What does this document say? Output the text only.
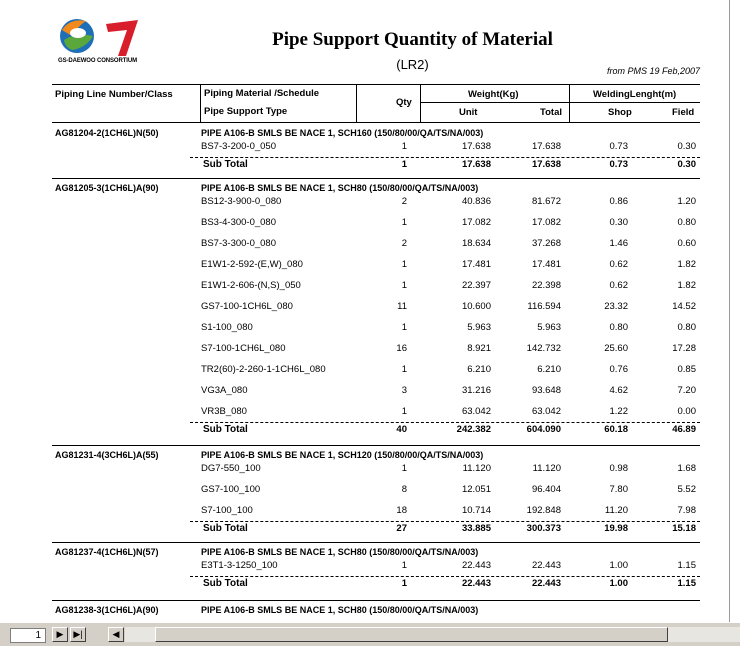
GS-DAEWOO CONSORTIUM
Pipe Support Quantity of Material
(LR2)	from PMS 19 Feb,2007
Piping Line Number/Class	Piping Material /Schedule
Pipe Support Type
Qty
Weight(Kg)
Unit	Total
WeldingLenght(m)
Shop	Field
AG81204-2(1CH6L)N(50)	PIPE A106-B SMLS BE NACE 1, SCH160 (150/80/00/QA/TS/NA/003)
BS7-3-200-0_050	1	17.638	17.638	0.73	0.30
Sub Total	1	17.638	17.638	0.73	0.30
AG81205-3(1CH6L)A(90)	PIPE A106-B SMLS BE NACE 1, SCH80 (150/80/00/QA/TS/NA/003)
BS12-3-900-0_080	2	40.836	81.672	0.86	1.20
BS3-4-300-0_080	1	17.082	17.082	0.30	0.80
BS7-3-300-0_080	2	18.634	37.268	1.46	0.60
E1W1-2-592-(E,W)_080	1	17.481	17.481	0.62	1.82
E1W1-2-606-(N,S)_050	1	22.397	22.398	0.62	1.82
GS7-100-1CH6L_080	11	10.600	116.594	23.32	14.52
S1-100_080	1	5.963	5.963	0.80	0.80
S7-100-1CH6L_080	16	8.921	142.732	25.60	17.28
TR2(60)-2-260-1-1CH6L_080	1	6.210	6.210	0.76	0.85
VG3A_080	3	31.216	93.648	4.62	7.20
VR3B_080	1	63.042	63.042	1.22	0.00
Sub Total	40	242.382	604.090	60.18	46.89
AG81231-4(3CH6L)A(55)	PIPE A106-B SMLS BE NACE 1, SCH120 (150/80/00/QA/TS/NA/003)
DG7-550_100	1	11.120	11.120	0.98	1.68
GS7-100_100	8	12.051	96.404	7.80	5.52
S7-100_100	18	10.714	192.848	11.20	7.98
Sub Total	27	33.885	300.373	19.98	15.18
AG81237-4(1CH6L)N(57)	PIPE A106-B SMLS BE NACE 1, SCH80 (150/80/00/QA/TS/NA/003)
E3T1-3-1250_100	1	22.443	22.443	1.00	1.15
Sub Total	1	22.443	22.443	1.00	1.15
AG81238-3(1CH6L)A(90)	PIPE A106-B SMLS BE NACE 1, SCH80 (150/80/00/QA/TS/NA/003)
1	▶	▶|	◀
